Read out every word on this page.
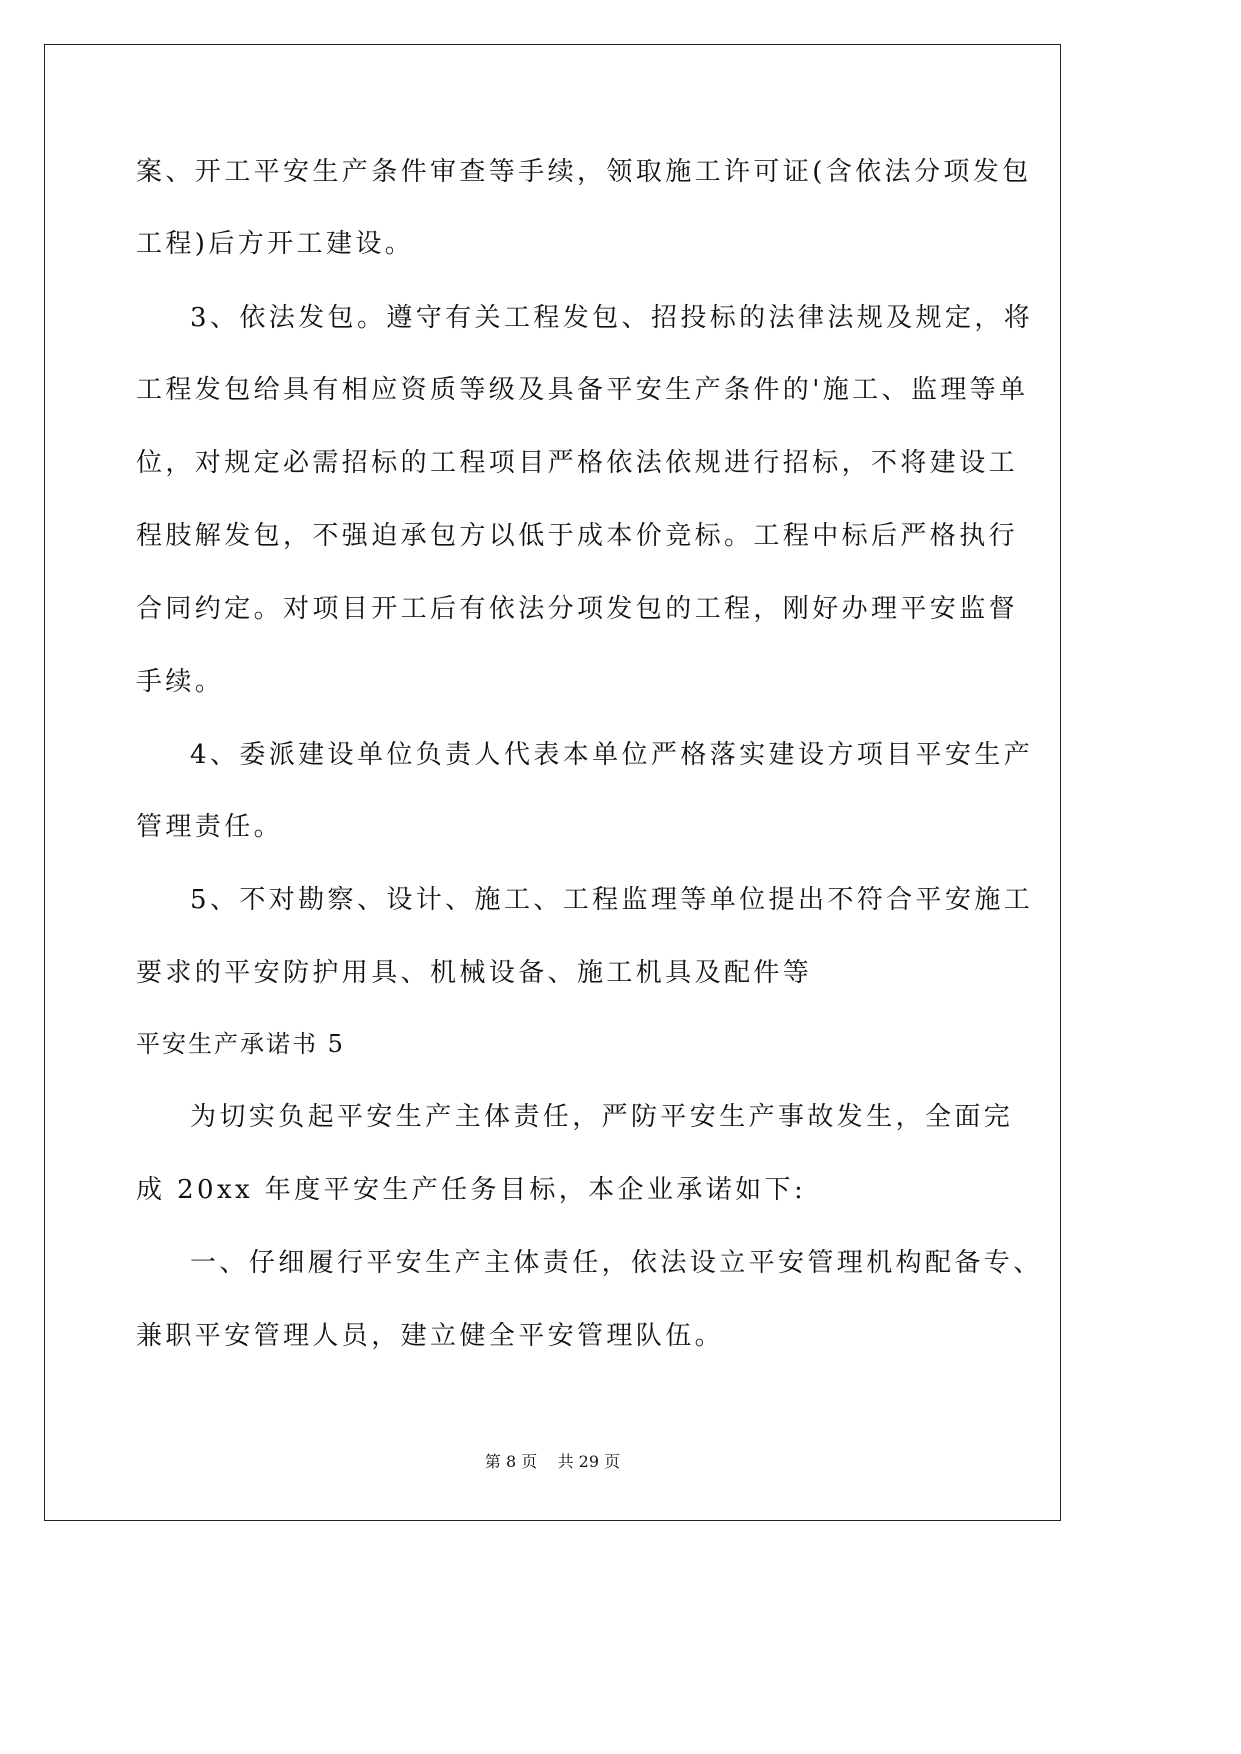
案、开工平安生产条件审查等手续，领取施工许可证(含依法分项发包
工程)后方开工建设。
3、依法发包。遵守有关工程发包、招投标的法律法规及规定，将
工程发包给具有相应资质等级及具备平安生产条件的'施工、监理等单
位，对规定必需招标的工程项目严格依法依规进行招标，不将建设工
程肢解发包，不强迫承包方以低于成本价竞标。工程中标后严格执行
合同约定。对项目开工后有依法分项发包的工程，刚好办理平安监督
手续。
4、委派建设单位负责人代表本单位严格落实建设方项目平安生产
管理责任。
5、不对勘察、设计、施工、工程监理等单位提出不符合平安施工
要求的平安防护用具、机械设备、施工机具及配件等
平安生产承诺书 5
为切实负起平安生产主体责任，严防平安生产事故发生，全面完
成 20xx 年度平安生产任务目标，本企业承诺如下:
一、仔细履行平安生产主体责任，依法设立平安管理机构配备专、
兼职平安管理人员，建立健全平安管理队伍。
第 8 页    共 29 页
